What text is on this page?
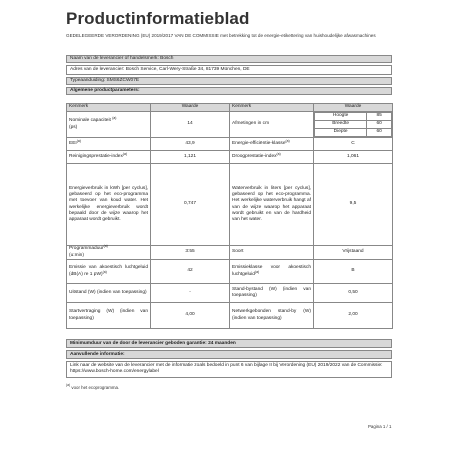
Productinformatieblad
GEDELEGEERDE VERORDENING (EU) 2019/2017 VAN DE COMMISSIE met betrekking tot de energie-etikettering van huishoudelijke afwasmachines
Naam van de leverancier of handelsmerk: Bosch
Adres van de leverancier: Bosch Service, Carl-Wery-Straße 34, 81739 München, DE
Typeaanduiding: SMS6ZCW07E
Algemene productparameters:
Kenmerk	Waarde	Kenmerk	Waarde
Nominale capaciteit $^{(a)}$
(ps)	14	Afmetingen in cm	
Hoogte	85
Breedte	60
Diepte	60

EEI$^{(a)}$	43,9	Energie-efficiëntie-klasse$^{(a)}$	C
Reinigingsprestatie-index$^{(a)}$	1,121	Droogprestatie-index$^{(a)}$	1,061
Energieverbruik in kWh [per cyclus], gebaseerd op het eco-programma met toevoer van koud water. Het werkelijke energieverbruik wordt bepaald door de wijze waarop het apparaat wordt gebruikt.	0,747	Waterverbruik in liters [per cyclus], gebaseerd op het eco-programma. Het werkelijke waterverbruik hangt af van de wijze waarop het apparaat wordt gebruikt en van de hardheid van het water.	9,5
Programmaduur$^{(a)}$
(u:min)	3:55	Soort	Vrijstaand
Emissie van akoestisch luchtgeluid (dB(A) re 1 pW)$^{(a)}$	42	Emissieklasse voor akoestisch luchtgeluid$^{(a)}$	B
Uitstand (W) (indien van toepassing)	-	Stand-bystand (W) (indien van toepassing)	0,50
Startvertraging (W) (indien van toepassing)	4,00	Netwerkgebonden stand-by (W) (indien van toepassing)	2,00
Minimumduur van de door de leverancier geboden garantie: 24 maanden
Aanvullende informatie:
Link naar de website van de leverancier met de informatie zoals bedoeld in punt 6 van bijlage II bij Verordening (EU) 2019/2022 van de Commissie: https://www.bosch-home.com/energylabel
$^{(a)}$ voor het ecoprogramma.
Pagina 1 / 1
